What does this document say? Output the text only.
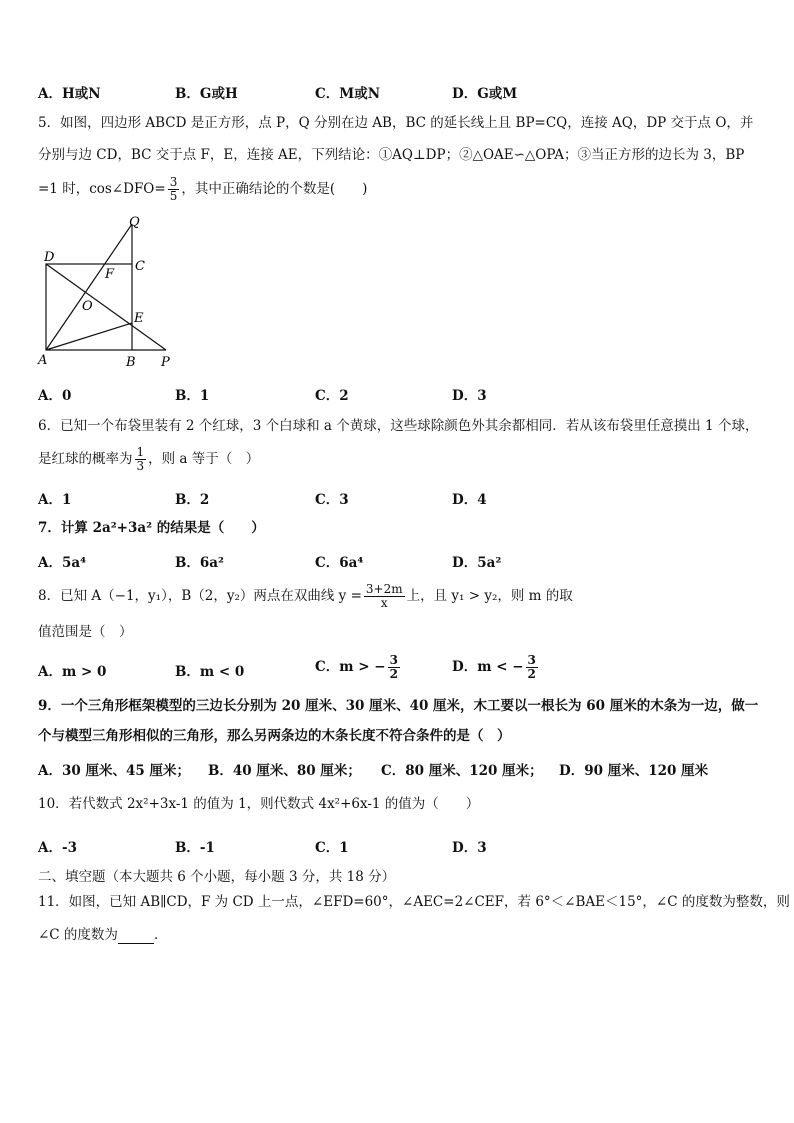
A．H或N	B．G或H	C．M或N	D．G或M
5．如图，四边形 ABCD 是正方形，点 P，Q 分别在边 AB，BC 的延长线上且 BP=CQ，连接 AQ，DP 交于点 O，并
分别与边 CD，BC 交于点 F，E，连接 AE，下列结论：①AQ⊥DP；②△OAE∽△OPA；③当正方形的边长为 3，BP
=1 时，cos∠DFO= $\frac{3}{5}$ ，其中正确结论的个数是(　　)
D
C
Q
F
O
E
A	B P
A．0	B．1	C．2	D．3
6．已知一个布袋里装有 2 个红球，3 个白球和 a 个黄球，这些球除颜色外其余都相同．若从该布袋里任意摸出 1 个球，
是红球的概率为 $\frac{1}{3}$ ，则 a 等于（　）
A．1	B．2	C．3	D．4
7．计算 2a²+3a² 的结果是（　　）
A．5a⁴	B．6a²	C．6a⁴	D．5a²
8．已知 A（−1，y₁），B（2，y₂）两点在双曲线 $y = \frac{3+2m}{x}$ 上，且 y₁ > y₂，则 m 的取
值范围是（　）
A．m > 0	B．m < 0	C．m > − $\frac{3}{2}$	D．m < − $\frac{3}{2}$
9．一个三角形框架模型的三边长分别为 20 厘米、30 厘米、40 厘米，木工要以一根长为 60 厘米的木条为一边，做一
个与模型三角形相似的三角形，那么另两条边的木条长度不符合条件的是（　）
A．30 厘米、45 厘米； B．40 厘米、80 厘米； C．80 厘米、120 厘米； D．90 厘米、120 厘米
10．若代数式 2x²+3x-1 的值为 1，则代数式 4x²+6x-1 的值为（　　）
A．-3	B．-1	C．1	D．3
二、填空题（本大题共 6 个小题，每小题 3 分，共 18 分）
11．如图，已知 AB∥CD，F 为 CD 上一点，∠EFD=60°，∠AEC=2∠CEF，若 6°＜∠BAE＜15°，∠C 的度数为整数，则
∠C 的度数为	．
